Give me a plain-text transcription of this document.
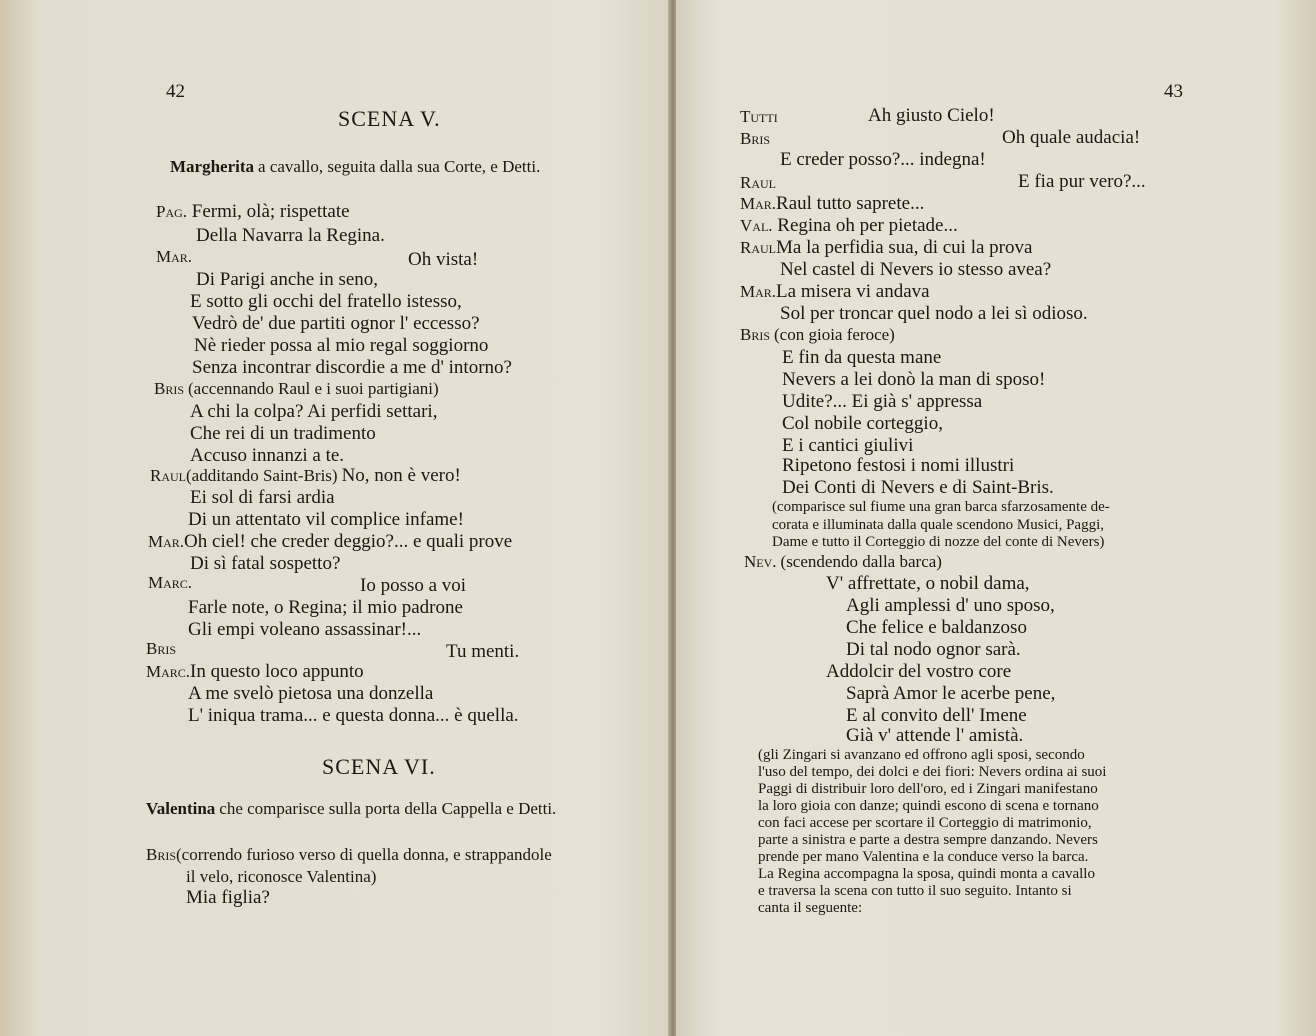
42
SCENA V.
Margherita a cavallo, seguita dalla sua Corte, e Detti.
Pag. Fermi, olà; rispettate
Della Navarra la Regina.
Mar.	Oh vista!
Di Parigi anche in seno,
E sotto gli occhi del fratello istesso,
Vedrò de' due partiti ognor l' eccesso?
Nè rieder possa al mio regal soggiorno
Senza incontrar discordie a me d' intorno?
Bris (accennando Raul e i suoi partigiani)
A chi la colpa? Ai perfidi settari,
Che rei di un tradimento
Accuso innanzi a te.
Raul(additando Saint-Bris) No, non è vero!
Ei sol di farsi ardia
Di un attentato vil complice infame!
Mar.Oh ciel! che creder deggio?... e quali prove
Di sì fatal sospetto?
Marc.	Io posso a voi
Farle note, o Regina; il mio padrone
Gli empi voleano assassinar!...
Bris	Tu menti.
Marc.In questo loco appunto
A me svelò pietosa una donzella
L' iniqua trama... e questa donna... è quella.
SCENA VI.
Valentina che comparisce sulla porta della Cappella e Detti.
Bris(correndo furioso verso di quella donna, e strappandole
il velo, riconosce Valentina)
Mia figlia?
43
Tutti	Ah giusto Cielo!
Bris	Oh quale audacia!
E creder posso?... indegna!
Raul	E fia pur vero?...
Mar.Raul tutto saprete...
Val. Regina oh per pietade...
RaulMa la perfidia sua, di cui la prova
Nel castel di Nevers io stesso avea?
Mar.La misera vi andava
Sol per troncar quel nodo a lei sì odioso.
Bris (con gioia feroce)
E fin da questa mane
Nevers a lei donò la man di sposo!
Udite?... Ei già s' appressa
Col nobile corteggio,
E i cantici giulivi
Ripetono festosi i nomi illustri
Dei Conti di Nevers e di Saint-Bris.
(comparisce sul fiume una gran barca sfarzosamente de-
corata e illuminata dalla quale scendono Musici, Paggi,
Dame e tutto il Corteggio di nozze del conte di Nevers)
Nev. (scendendo dalla barca)
V' affrettate, o nobil dama,
Agli amplessi d' uno sposo,
Che felice e baldanzoso
Di tal nodo ognor sarà.
Addolcir del vostro core
Saprà Amor le acerbe pene,
E al convito dell' Imene
Già v' attende l' amistà.
(gli Zingari si avanzano ed offrono agli sposi, secondo
l'uso del tempo, dei dolci e dei fiori: Nevers ordina ai suoi
Paggi di distribuir loro dell'oro, ed i Zingari manifestano
la loro gioia con danze; quindi escono di scena e tornano
con faci accese per scortare il Corteggio di matrimonio,
parte a sinistra e parte a destra sempre danzando. Nevers
prende per mano Valentina e la conduce verso la barca.
La Regina accompagna la sposa, quindi monta a cavallo
e traversa la scena con tutto il suo seguito. Intanto si
canta il seguente:
